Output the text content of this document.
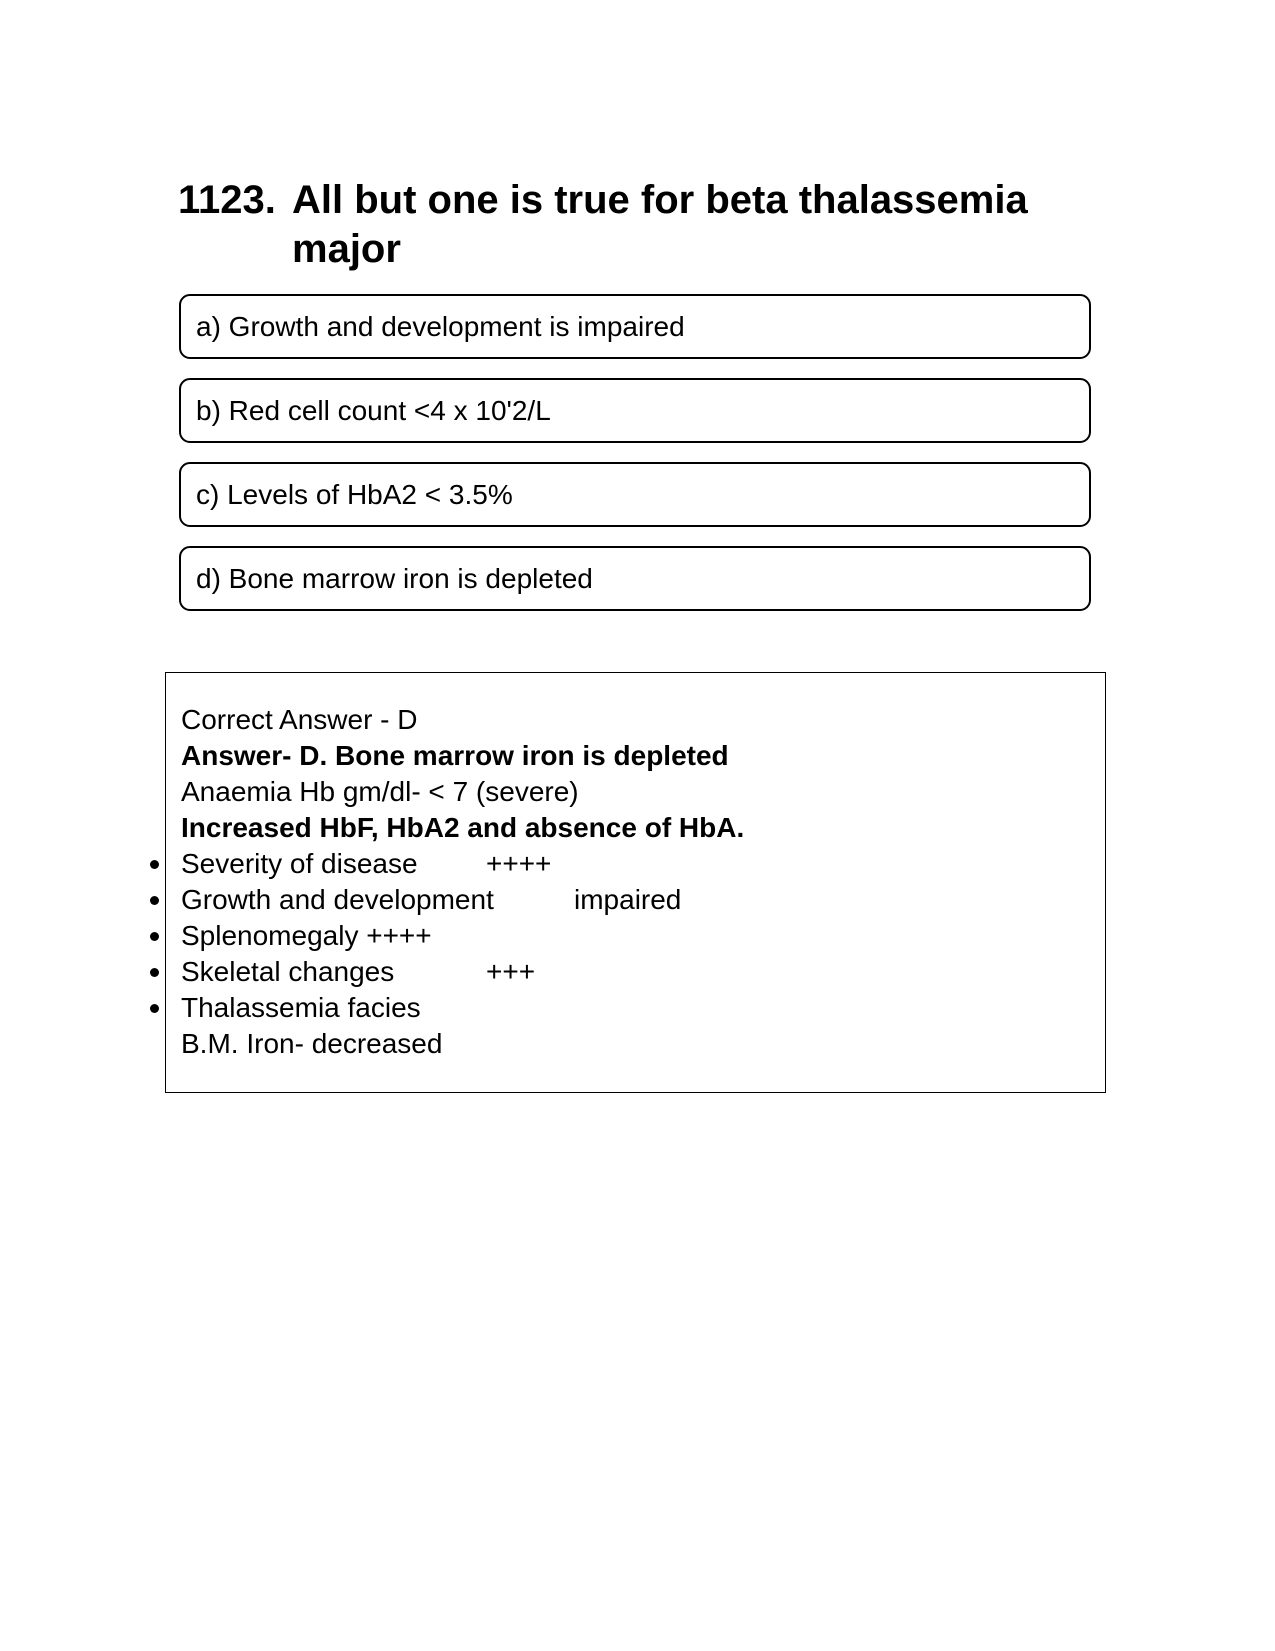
1123. All but one is true for beta thalassemia major
a) Growth and development is impaired
b) Red cell count <4 x 10'2/L
c) Levels of HbA2 < 3.5%
d) Bone marrow iron is depleted
Correct Answer - D
Answer- D. Bone marrow iron is depleted
Anaemia Hb gm/dl- < 7 (severe)
Increased HbF, HbA2 and absence of HbA.
Severity of disease ++++
Growth and development	impaired
Splenomegaly ++++
Skeletal changes	+++
Thalassemia facies
B.M. Iron- decreased
